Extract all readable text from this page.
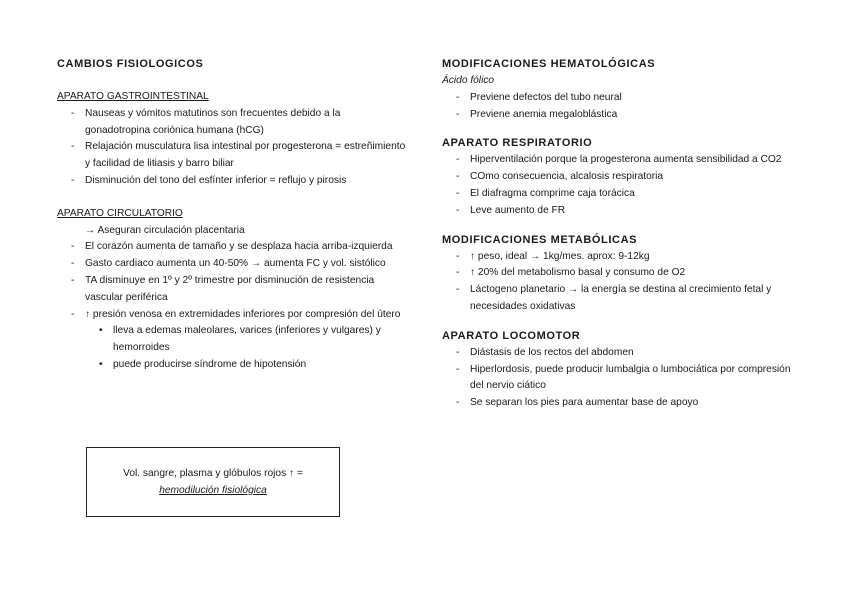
CAMBIOS FISIOLOGICOS

APARATO GASTROINTESTINAL

- Nauseas y vómitos matutinos son frecuentes debido a la gonadotropina coriónica humana (hCG)
- Relajación musculatura lisa intestinal por progesterona = estreñimiento y facilidad de litiasis y barro biliar
- Disminución del tono del esfínter inferior = reflujo y pirosis

APARATO CIRCULATORIO

→ Aseguran circulación placentaria
- El corazón aumenta de tamaño y se desplaza hacia arriba-izquierda
- Gasto cardiaco aumenta un 40-50% → aumenta FC y vol. sistólico
- TA disminuye en 1º y 2º trimestre por disminución de resistencia vascular periférica
- ↑ presión venosa en extremidades inferiores por compresión del útero
• lleva a edemas maleolares, varices (inferiores y vulgares) y hemorroides
• puede producirse síndrome de hipotensión
Vol. sangre, plasma y glóbulos rojos ↑ =
hemodilución fisiológica

MODIFICACIONES HEMATOLÓGICAS

Ácido fólico

- Previene defectos del tubo neural
- Previene anemia megaloblástica

APARATO RESPIRATORIO

- Hiperventilación porque la progesterona aumenta sensibilidad a CO2
- COmo consecuencia, alcalosis respiratoria
- El diafragma comprime caja torácica
- Leve aumento de FR

MODIFICACIONES METABÓLICAS

- ↑ peso, ideal → 1kg/mes. aprox: 9-12kg
- ↑ 20% del metabolismo basal y consumo de O2
- Láctogeno planetario → la energía se destina al crecimiento fetal y necesidades oxidativas

APARATO LOCOMOTOR

- Diástasis de los rectos del abdomen
- Hiperlordosis, puede producir lumbalgia o lumbociática por compresión del nervio ciático
- Se separan los pies para aumentar base de apoyo
